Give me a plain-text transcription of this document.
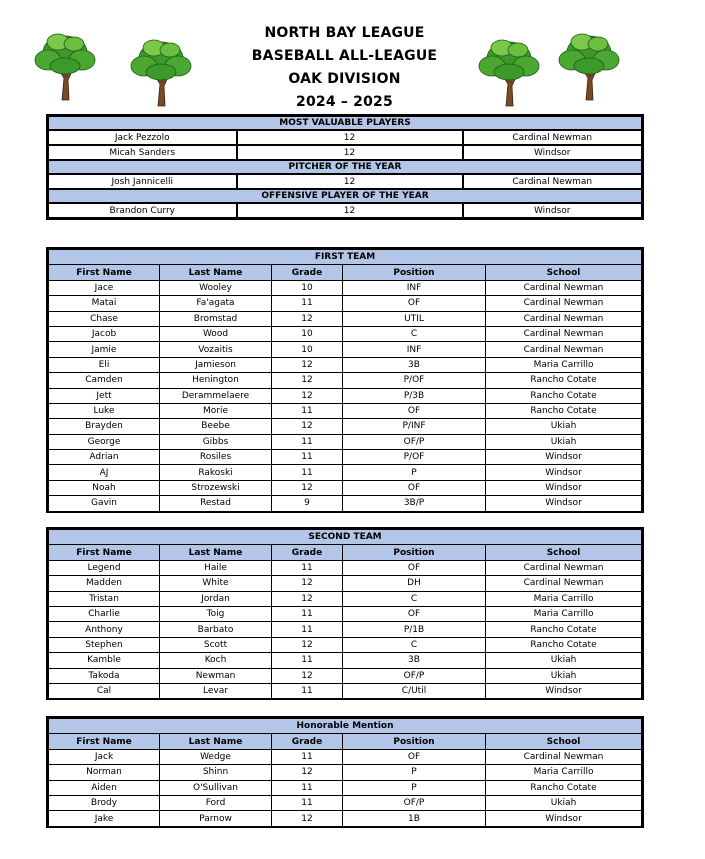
NORTH BAY LEAGUE
BASEBALL ALL-LEAGUE
OAK DIVISION
2024 – 2025
MOST VALUABLE PLAYERS		
Jack Pezzolo	12	Cardinal Newman
Micah Sanders	12	Windsor
PITCHER OF THE YEAR		
Josh Jannicelli	12	Cardinal Newman
OFFENSIVE PLAYER OF THE YEAR		
Brandon Curry	12	Windsor
FIRST TEAM				
First Name	Last Name	Grade	Position	School
Jace	Wooley	10	INF	Cardinal Newman
Matai	Fa'agata	11	OF	Cardinal Newman
Chase	Bromstad	12	UTIL	Cardinal Newman
Jacob	Wood	10	C	Cardinal Newman
Jamie	Vozaitis	10	INF	Cardinal Newman
Eli	Jamieson	12	3B	Maria Carrillo
Camden	Henington	12	P/OF	Rancho Cotate
Jett	Derammelaere	12	P/3B	Rancho Cotate
Luke	Morie	11	OF	Rancho Cotate
Brayden	Beebe	12	P/INF	Ukiah
George	Gibbs	11	OF/P	Ukiah
Adrian	Rosiles	11	P/OF	Windsor
AJ	Rakoski	11	P	Windsor
Noah	Strozewski	12	OF	Windsor
Gavin	Restad	9	3B/P	Windsor
SECOND TEAM				
First Name	Last Name	Grade	Position	School
Legend	Haile	11	OF	Cardinal Newman
Madden	White	12	DH	Cardinal Newman
Tristan	Jordan	12	C	Maria Carrillo
Charlie	Toig	11	OF	Maria Carrillo
Anthony	Barbato	11	P/1B	Rancho Cotate
Stephen	Scott	12	C	Rancho Cotate
Kamble	Koch	11	3B	Ukiah
Takoda	Newman	12	OF/P	Ukiah
Cal	Levar	11	C/Util	Windsor
Honorable Mention				
First Name	Last Name	Grade	Position	School
Jack	Wedge	11	OF	Cardinal Newman
Norman	Shinn	12	P	Maria Carrillo
Aiden	O'Sullivan	11	P	Rancho Cotate
Brody	Ford	11	OF/P	Ukiah
Jake	Parnow	12	1B	Windsor
